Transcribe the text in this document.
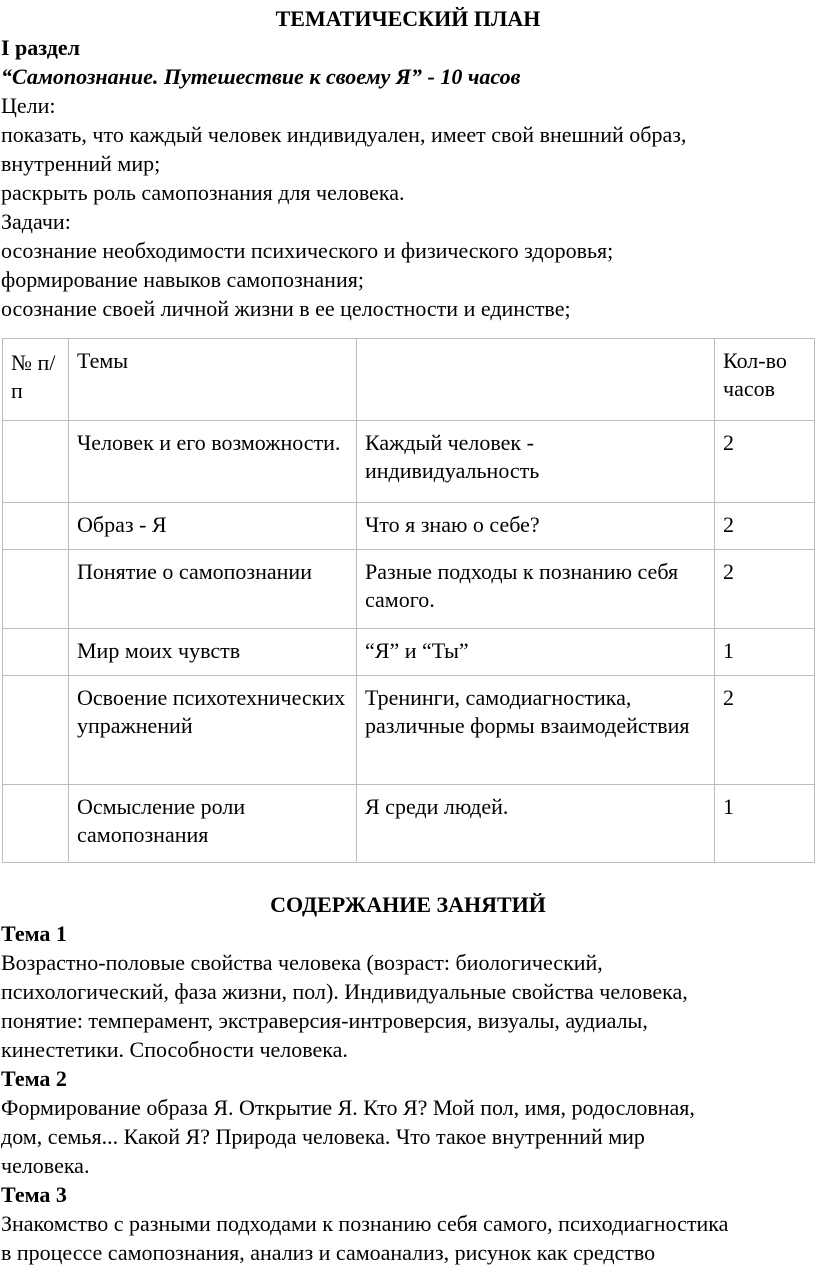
ТЕМАТИЧЕСКИЙ ПЛАН
I раздел
“Самопознание. Путешествие к своему Я” - 10 часов
Цели:
показать, что каждый человек индивидуален, имеет свой внешний образ,
внутренний мир;
раскрыть роль самопознания для человека.
Задачи:
осознание необходимости психического и физического здоровья;
формирование навыков самопознания;
осознание своей личной жизни в ее целостности и единстве;
№ п/п	Темы		Кол-во часов
	Человек и его возможности.	Каждый человек - индивидуальность	2
	Образ - Я	Что я знаю о себе?	2
	Понятие о самопознании	Разные подходы к познанию себя самого.	2
	Мир моих чувств	“Я” и “Ты”	1
	Освоение психотехнических упражнений	Тренинги, самодиагностика, различные формы взаимодействия	2
	Осмысление роли самопознания	Я среди людей.	1
СОДЕРЖАНИЕ ЗАНЯТИЙ
Тема 1
Возрастно-половые свойства человека (возраст: биологический,
психологический, фаза жизни, пол). Индивидуальные свойства человека,
понятие: темперамент, экстраверсия-интроверсия, визуалы, аудиалы,
кинестетики. Способности человека.
Тема 2
Формирование образа Я. Открытие Я. Кто Я? Мой пол, имя, родословная,
дом, семья... Какой Я? Природа человека. Что такое внутренний мир
человека.
Тема 3
Знакомство с разными подходами к познанию себя самого, психодиагностика
в процессе самопознания, анализ и самоанализ, рисунок как средство
